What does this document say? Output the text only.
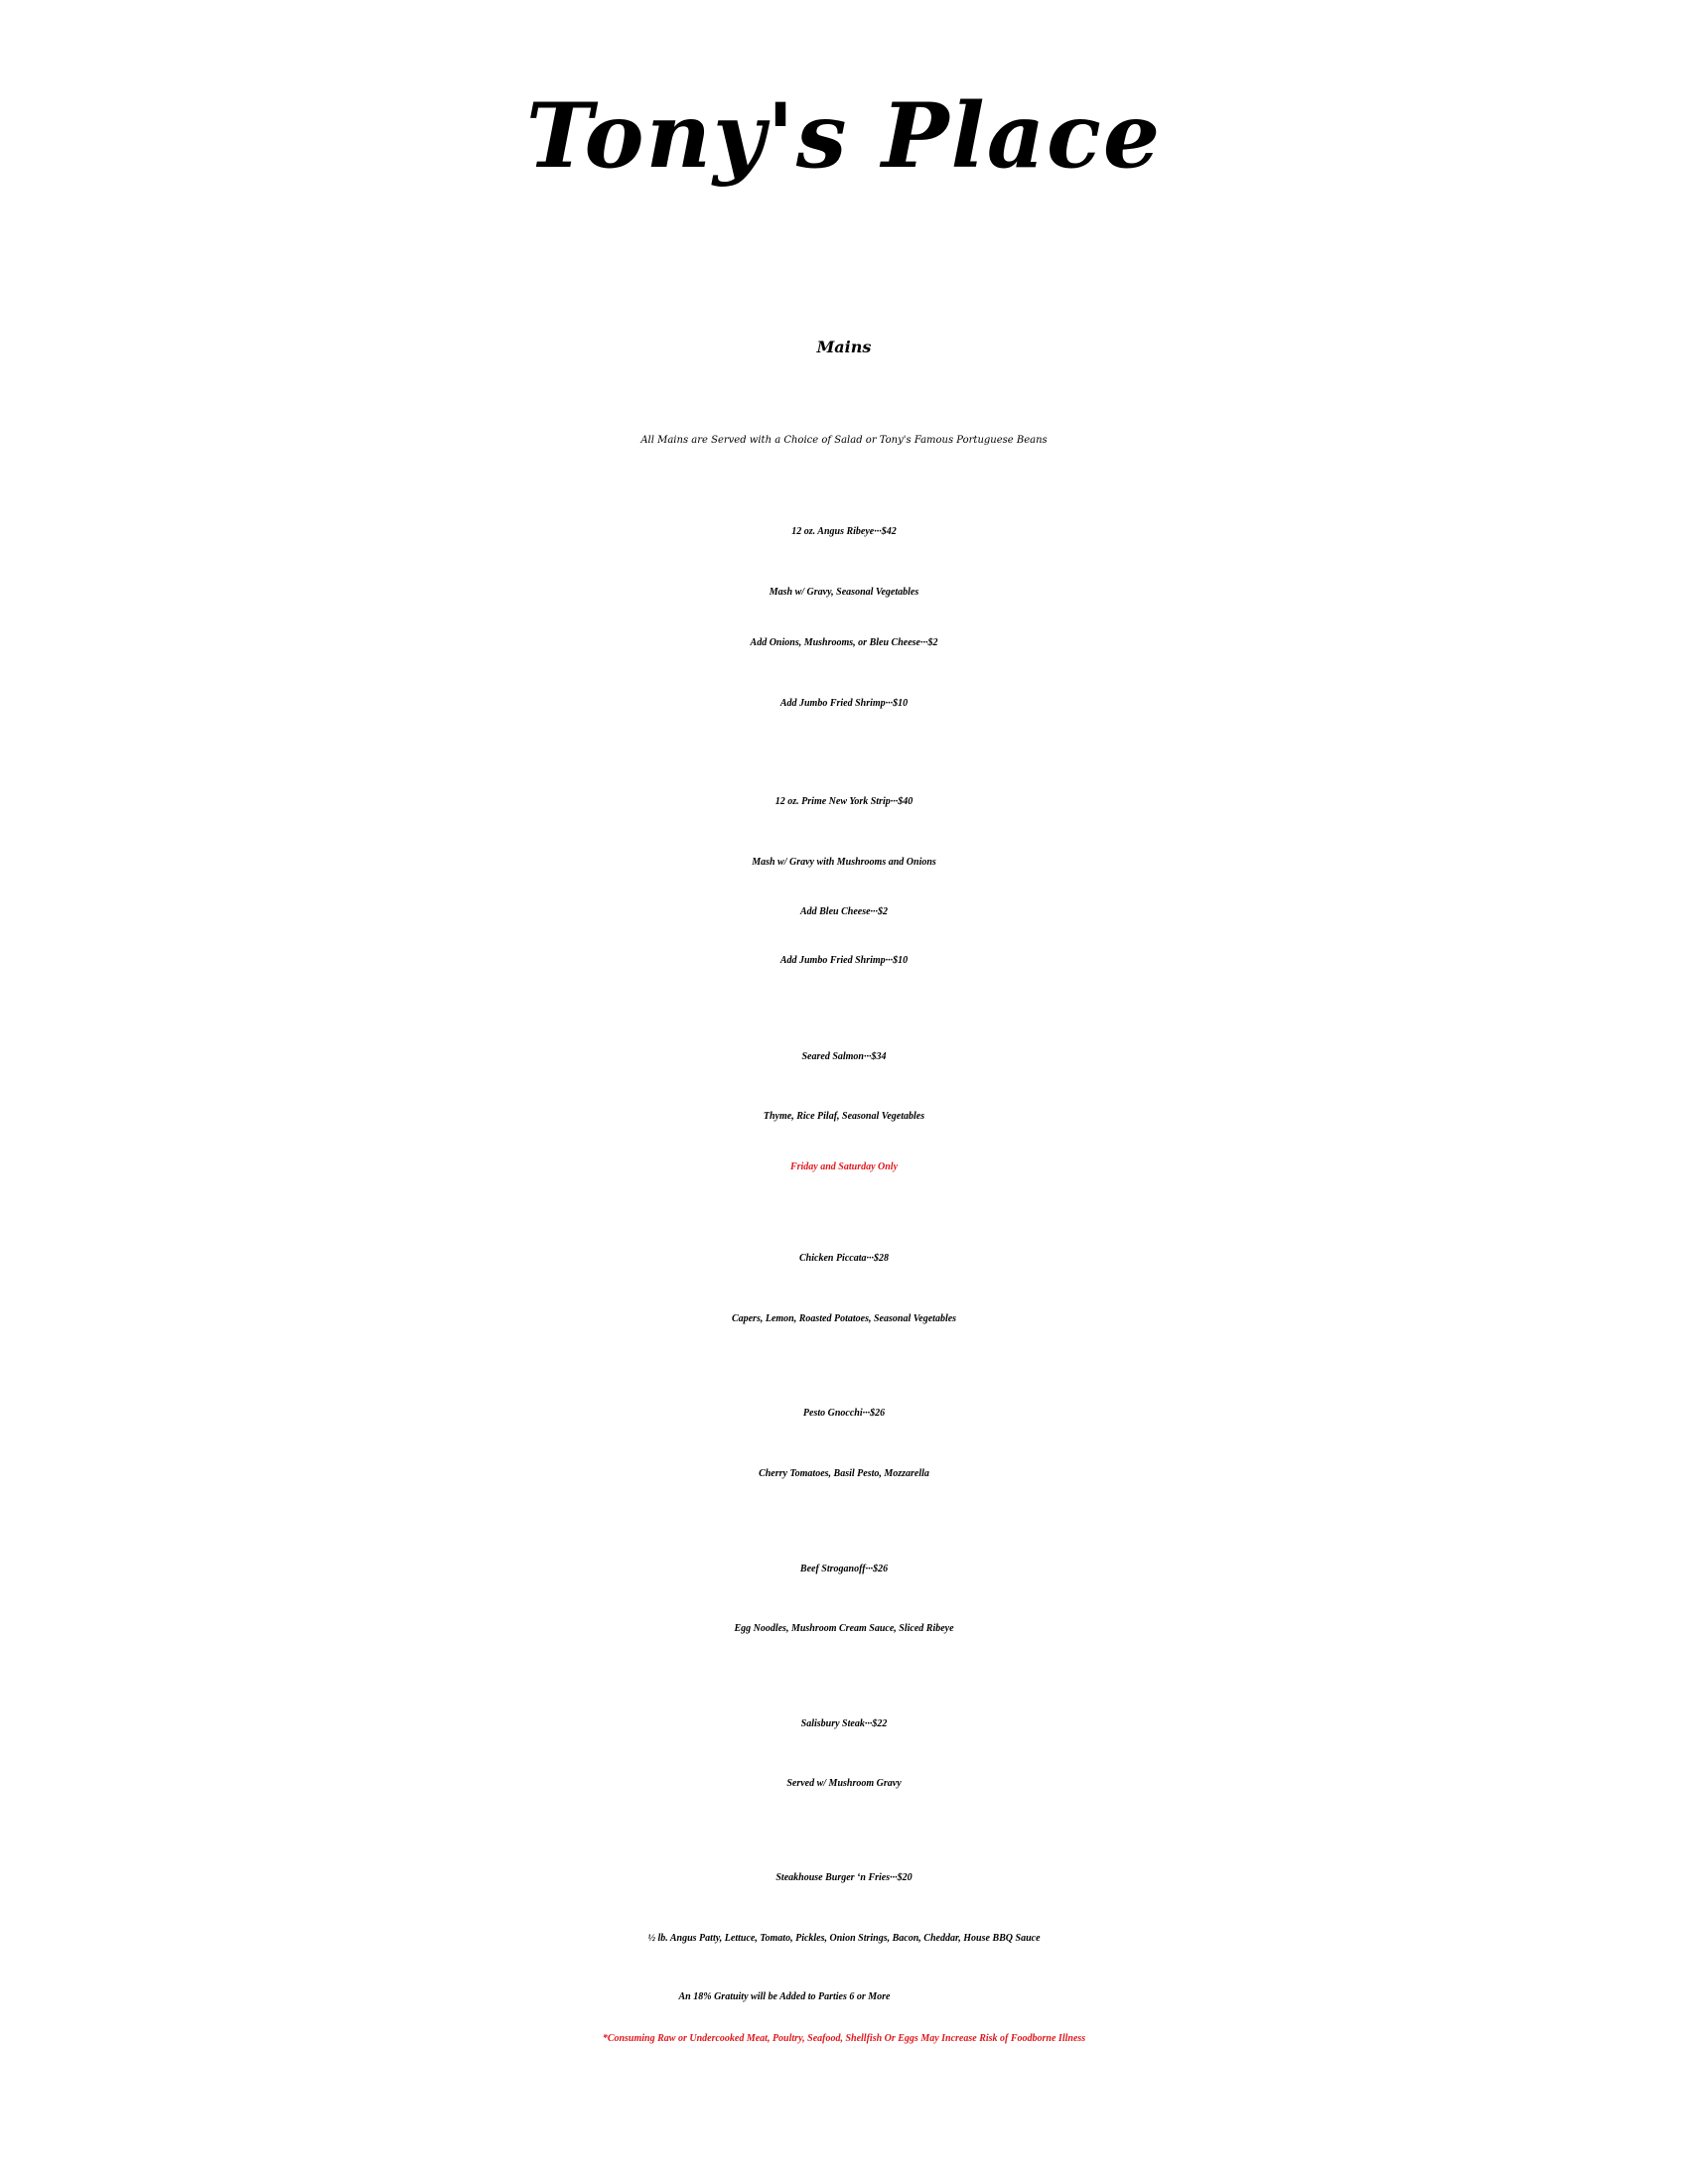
Tony's Place
Mains
All Mains are Served with a Choice of Salad or Tony's Famous Portuguese Beans
12 oz. Angus Ribeye···$42
Mash w/ Gravy, Seasonal Vegetables
Add Onions, Mushrooms, or Bleu Cheese···$2
Add Jumbo Fried Shrimp···$10
12 oz. Prime New York Strip···$40
Mash w/ Gravy with Mushrooms and Onions
Add Bleu Cheese···$2
Add Jumbo Fried Shrimp···$10
Seared Salmon···$34
Thyme, Rice Pilaf, Seasonal Vegetables
Friday and Saturday Only
Chicken Piccata···$28
Capers, Lemon, Roasted Potatoes, Seasonal Vegetables
Pesto Gnocchi···$26
Cherry Tomatoes, Basil Pesto, Mozzarella
Beef Stroganoff···$26
Egg Noodles, Mushroom Cream Sauce, Sliced Ribeye
Salisbury Steak···$22
Served w/ Mushroom Gravy
Steakhouse Burger ‘n Fries···$20
½ lb. Angus Patty, Lettuce, Tomato, Pickles, Onion Strings, Bacon, Cheddar, House BBQ Sauce
An 18% Gratuity will be Added to Parties 6 or More
*Consuming Raw or Undercooked Meat, Poultry, Seafood, Shellfish Or Eggs May Increase Risk of Foodborne Illness
